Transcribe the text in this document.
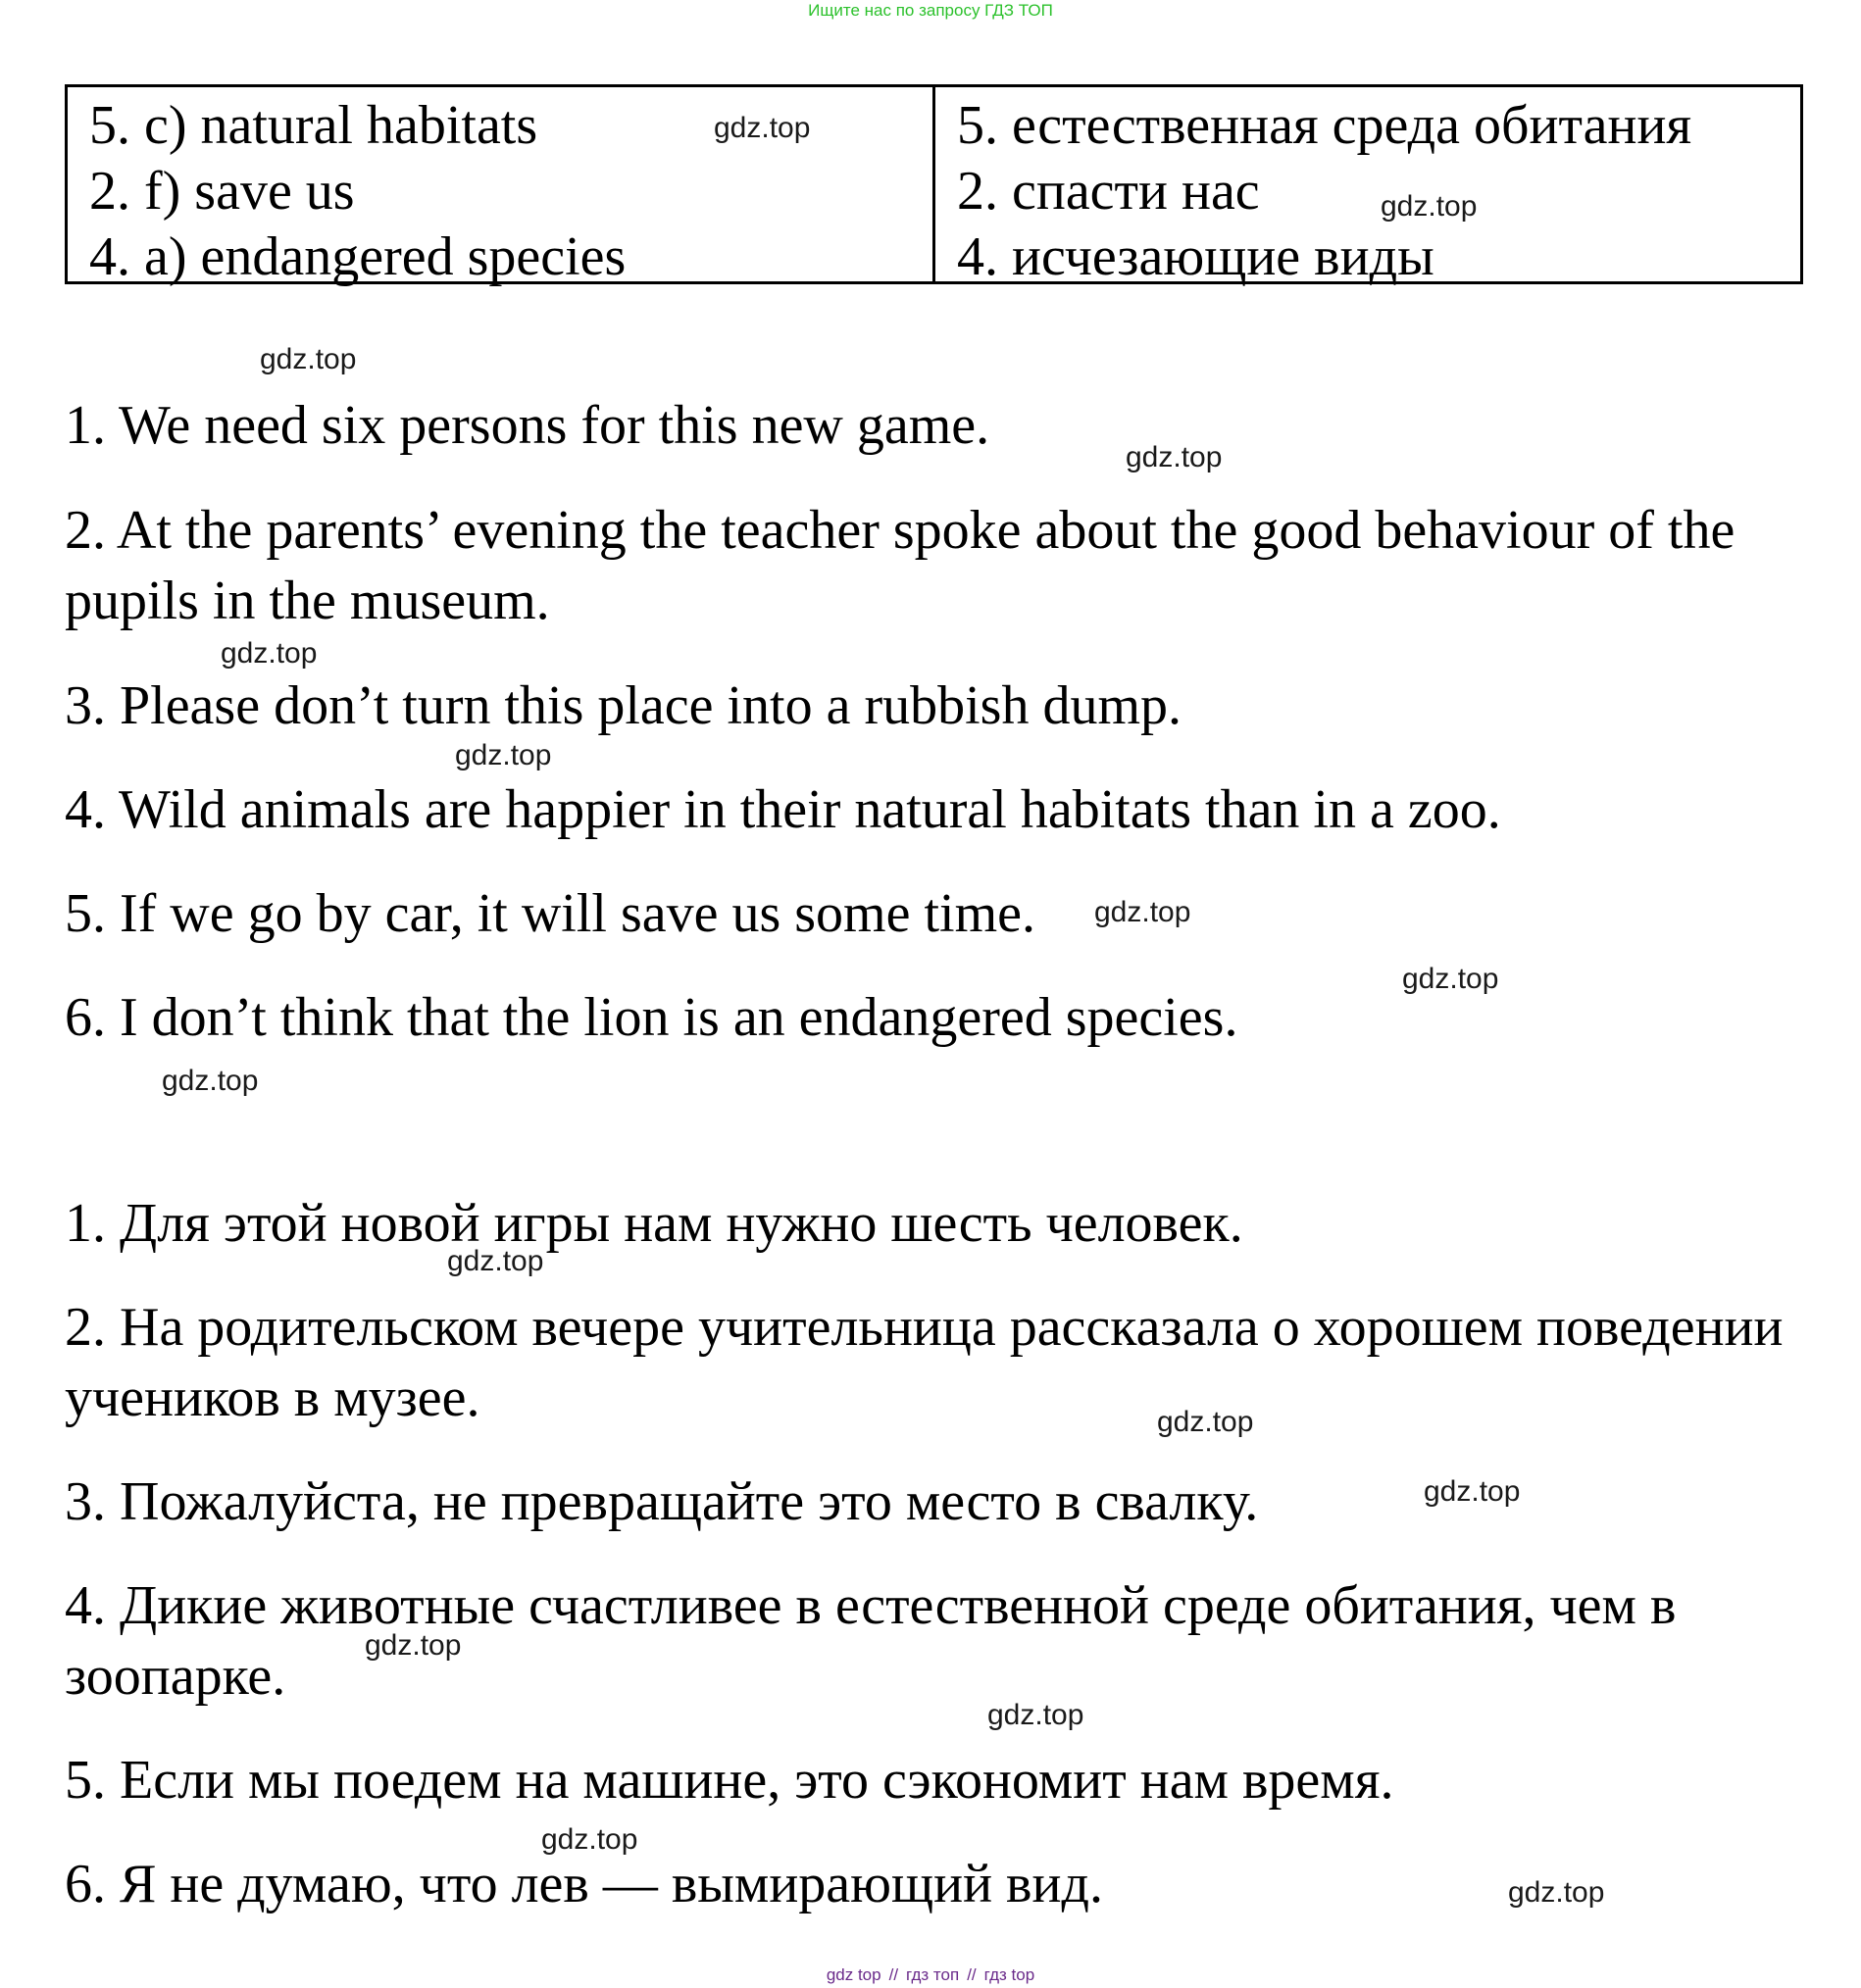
Ищите нас по запросу ГДЗ ТОП
5. c) natural habitats
2. f) save us
4. a) endangered species
5. естественная среда обитания
2. спасти нас
4. исчезающие виды
1. We need six persons for this new game.
2. At the parents’ evening the teacher spoke about the good behaviour of the pupils in the museum.
3. Please don’t turn this place into a rubbish dump.
4. Wild animals are happier in their natural habitats than in a zoo.
5. If we go by car, it will save us some time.
6. I don’t think that the lion is an endangered species.
1. Для этой новой игры нам нужно шесть человек.
2. На родительском вечере учительница рассказала о хорошем поведении учеников в музее.
3. Пожалуйста, не превращайте это место в свалку.
4. Дикие животные счастливее в естественной среде обитания, чем в зоопарке.
5. Если мы поедем на машине, это сэкономит нам время.
6. Я не думаю, что лев — вымирающий вид.
gdz.top
gdz.top
gdz.top
gdz.top
gdz.top
gdz.top
gdz.top
gdz.top
gdz.top
gdz.top
gdz.top
gdz.top
gdz.top
gdz.top
gdz.top
gdz.top
gdz top // гдз топ // гдз top
